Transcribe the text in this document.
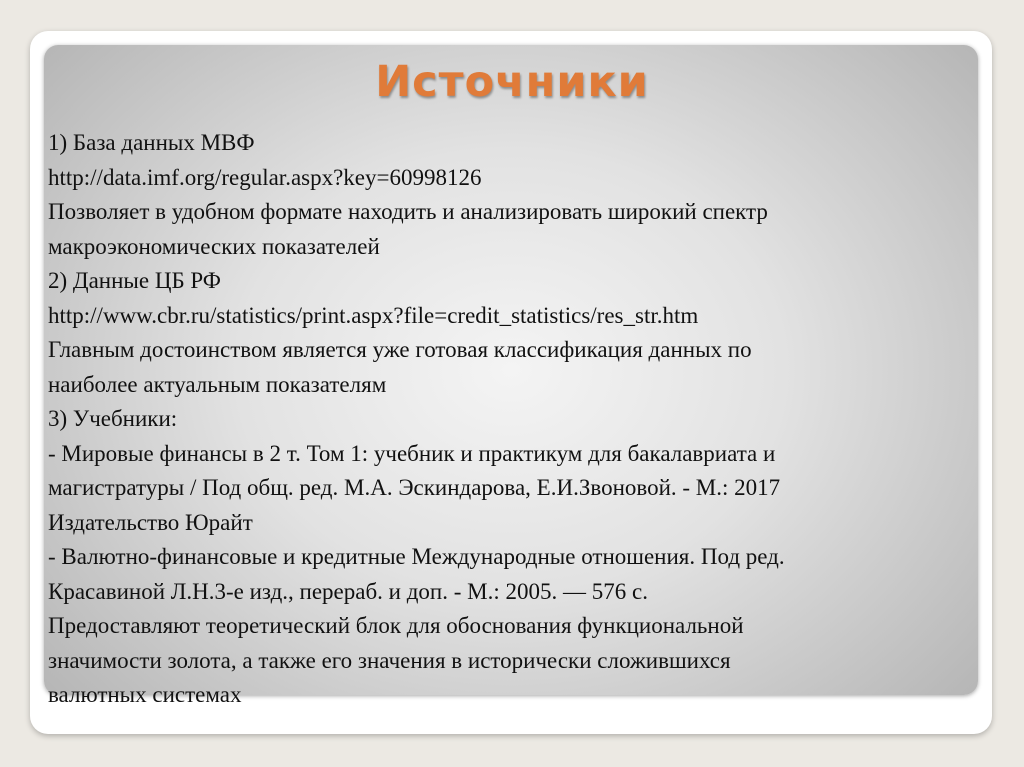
Источники
1) База данных МВФ
http://data.imf.org/regular.aspx?key=60998126
Позволяет в удобном формате находить и анализировать широкий спектр
макроэкономических показателей
2) Данные ЦБ РФ
http://www.cbr.ru/statistics/print.aspx?file=credit_statistics/res_str.htm
Главным достоинством является уже готовая классификация данных по
наиболее актуальным показателям
3) Учебники:
- Мировые финансы в 2 т. Том 1: учебник и практикум для бакалавриата и
магистратуры / Под общ. ред. М.А. Эскиндарова, Е.И.Звоновой. - М.: 2017
Издательство Юрайт
- Валютно-финансовые и кредитные Международные отношения. Под ред.
Красавиной Л.Н.3-е изд., перераб. и доп. - М.: 2005. — 576 с.
Предоставляют теоретический блок для обоснования функциональной
значимости золота, а также его значения в исторически сложившихся
валютных системах
